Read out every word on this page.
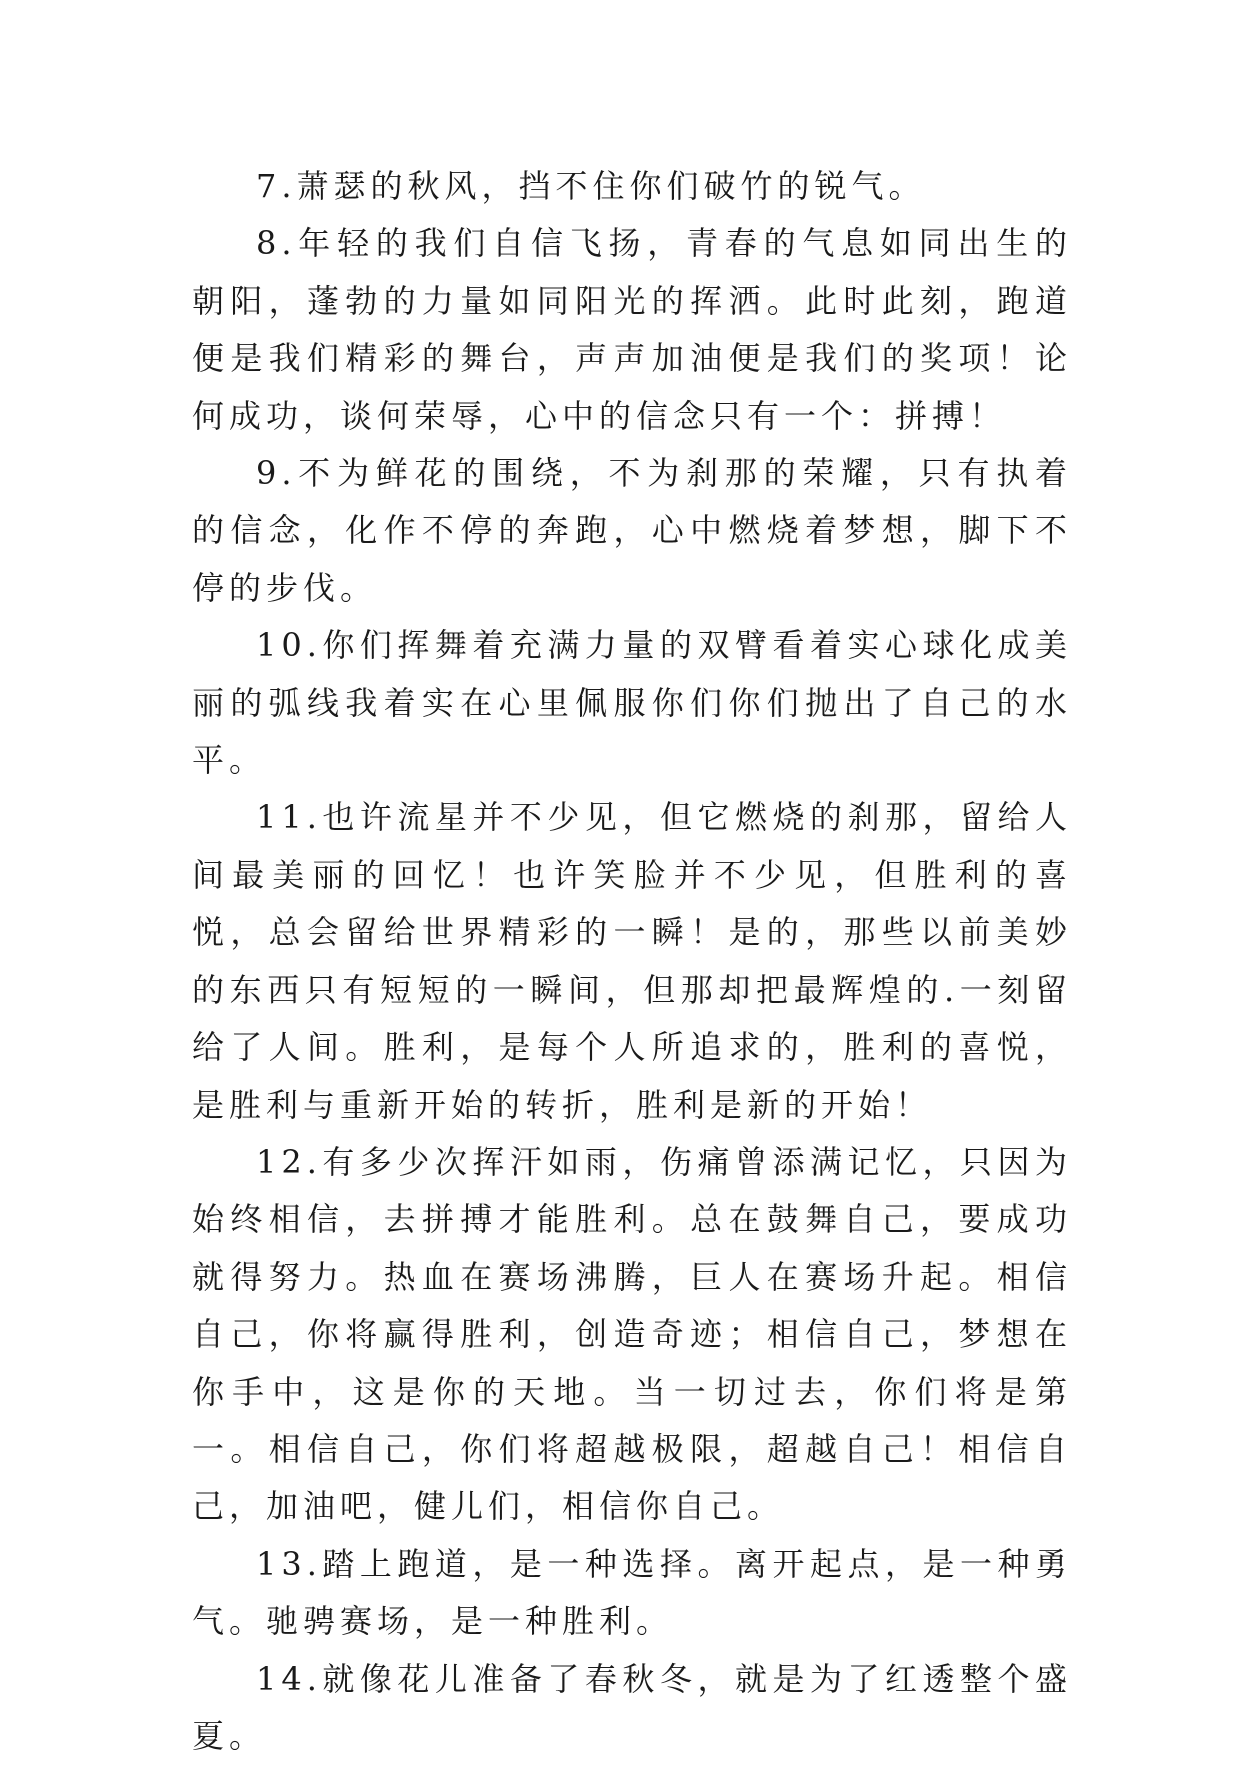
7.萧瑟的秋风，挡不住你们破竹的锐气。

8.年轻的我们自信飞扬，青春的气息如同出生的朝阳，蓬勃的力量如同阳光的挥洒。此时此刻，跑道便是我们精彩的舞台，声声加油便是我们的奖项！论何成功，谈何荣辱，心中的信念只有一个：拼搏！

9.不为鲜花的围绕，不为刹那的荣耀，只有执着的信念，化作不停的奔跑，心中燃烧着梦想，脚下不停的步伐。

10.你们挥舞着充满力量的双臂看着实心球化成美丽的弧线我着实在心里佩服你们你们抛出了自己的水平。

11.也许流星并不少见，但它燃烧的刹那，留给人间最美丽的回忆！也许笑脸并不少见，但胜利的喜悦，总会留给世界精彩的一瞬！是的，那些以前美妙的东西只有短短的一瞬间，但那却把最辉煌的.一刻留给了人间。胜利，是每个人所追求的，胜利的喜悦，是胜利与重新开始的转折，胜利是新的开始！

12.有多少次挥汗如雨，伤痛曾添满记忆，只因为始终相信，去拼搏才能胜利。总在鼓舞自己，要成功就得努力。热血在赛场沸腾，巨人在赛场升起。相信自己，你将赢得胜利，创造奇迹；相信自己，梦想在你手中，这是你的天地。当一切过去，你们将是第一。相信自己，你们将超越极限，超越自己！相信自己，加油吧，健儿们，相信你自己。

13.踏上跑道，是一种选择。离开起点，是一种勇气。驰骋赛场，是一种胜利。

14.就像花儿准备了春秋冬，就是为了红透整个盛夏。
